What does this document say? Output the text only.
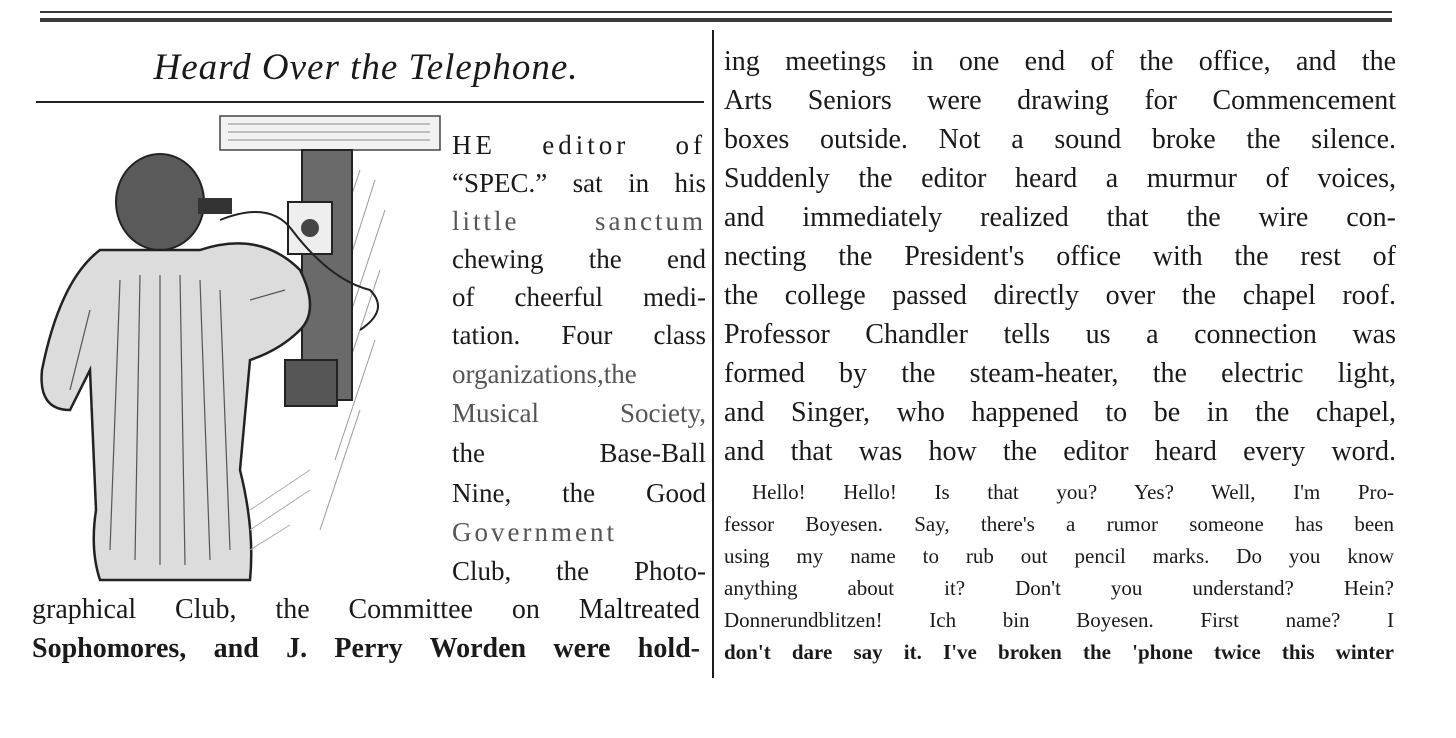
Heard Over the Telephone.
HE editor of
“SPEC.” sat in his
little sanctum
chewing the end
of cheerful medi-
tation. Four class
organizations,the
Musical Society,
the Base-Ball
Nine, the Good
Government
Club, the Photo-
graphical Club, the Committee on Maltreated
Sophomores, and J. Perry Worden were hold-
ing meetings in one end of the office, and the
Arts Seniors were drawing for Commencement
boxes outside. Not a sound broke the silence.
Suddenly the editor heard a murmur of voices,
and immediately realized that the wire con-
necting the President's office with the rest of
the college passed directly over the chapel roof.
Professor Chandler tells us a connection was
formed by the steam-heater, the electric light,
and Singer, who happened to be in the chapel,
and that was how the editor heard every word.
Hello! Hello! Is that you? Yes? Well, I'm Pro-
fessor Boyesen. Say, there's a rumor someone has been
using my name to rub out pencil marks. Do you know
anything about it? Don't you understand? Hein?
Donnerundblitzen! Ich bin Boyesen. First name? I
don't dare say it. I've broken the 'phone twice this winter
